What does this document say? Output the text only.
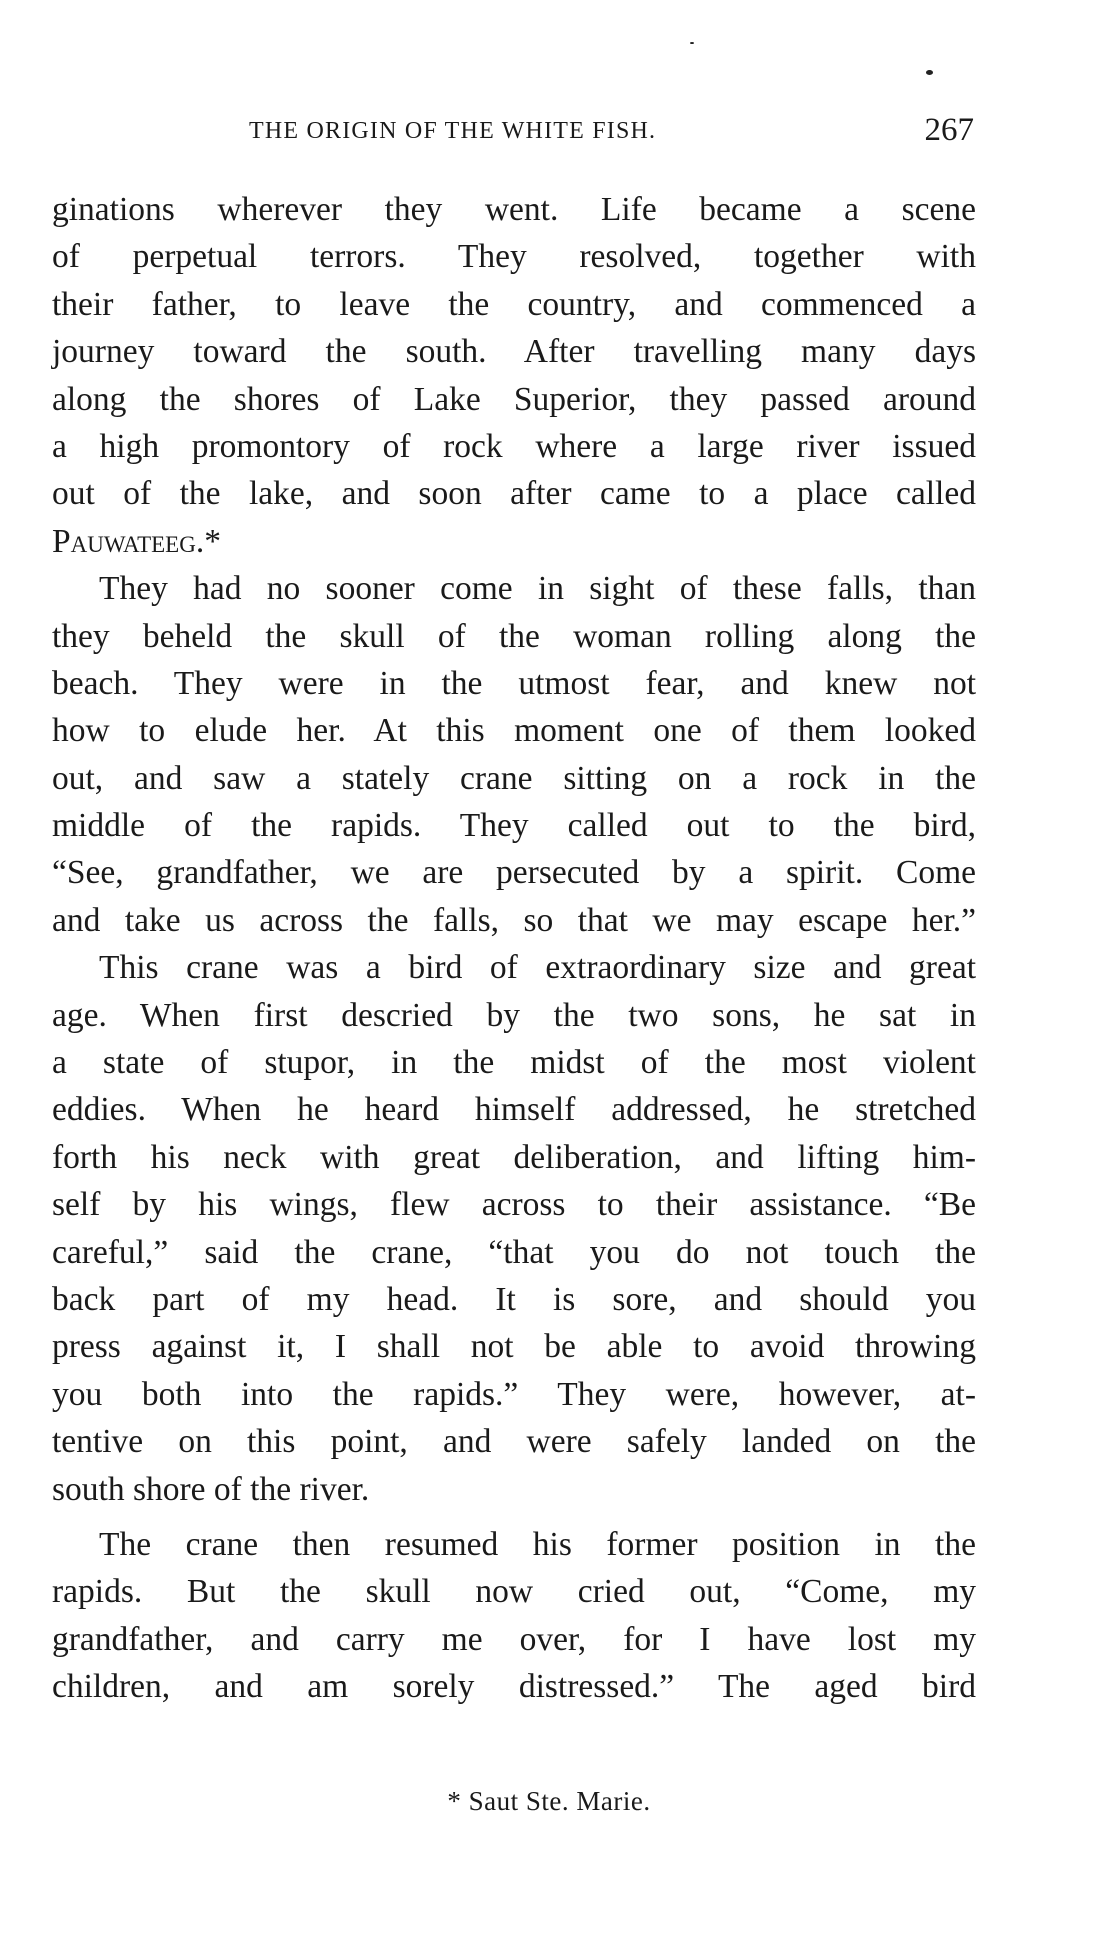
THE ORIGIN OF THE WHITE FISH.	267
ginations wherever they went. Life became a scene
of perpetual terrors. They resolved, together with
their father, to leave the country, and commenced a
journey toward the south. After travelling many days
along the shores of Lake Superior, they passed around
a high promontory of rock where a large river issued
out of the lake, and soon after came to a place called
Pauwateeg.*
They had no sooner come in sight of these falls, than
they beheld the skull of the woman rolling along the
beach. They were in the utmost fear, and knew not
how to elude her. At this moment one of them looked
out, and saw a stately crane sitting on a rock in the
middle of the rapids. They called out to the bird,
“See, grandfather, we are persecuted by a spirit. Come
and take us across the falls, so that we may escape her.”
This crane was a bird of extraordinary size and great
age. When first descried by the two sons, he sat in
a state of stupor, in the midst of the most violent
eddies. When he heard himself addressed, he stretched
forth his neck with great deliberation, and lifting him-
self by his wings, flew across to their assistance. “Be
careful,” said the crane, “that you do not touch the
back part of my head. It is sore, and should you
press against it, I shall not be able to avoid throwing
you both into the rapids.” They were, however, at-
tentive on this point, and were safely landed on the
south shore of the river.
The crane then resumed his former position in the
rapids. But the skull now cried out, “Come, my
grandfather, and carry me over, for I have lost my
children, and am sorely distressed.” The aged bird
* Saut Ste. Marie.
